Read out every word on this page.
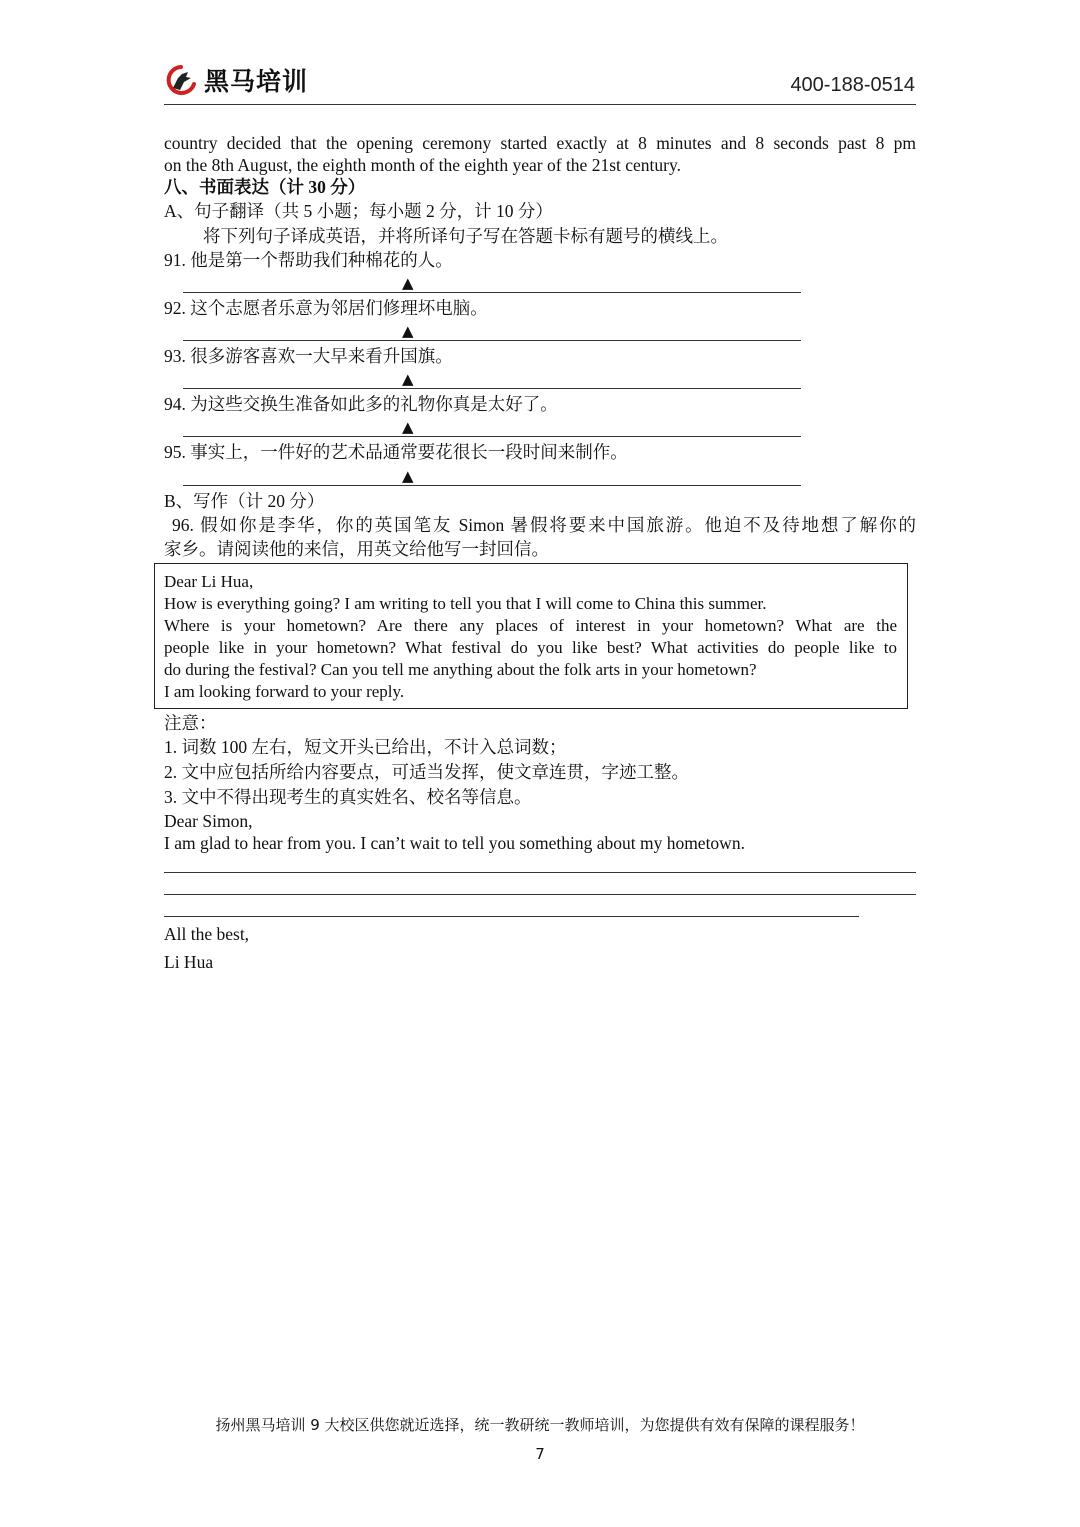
黑马培训	400-188-0514
country decided that the opening ceremony started exactly at 8 minutes and 8 seconds past 8 pm
on the 8th August, the eighth month of the eighth year of the 21st century.
八、书面表达（计 30 分）
A、句子翻译（共 5 小题；每小题 2 分，计 10 分）
将下列句子译成英语，并将所译句子写在答题卡标有题号的横线上。
91. 他是第一个帮助我们种棉花的人。
▲
92. 这个志愿者乐意为邻居们修理坏电脑。
▲
93. 很多游客喜欢一大早来看升国旗。
▲
94. 为这些交换生准备如此多的礼物你真是太好了。
▲
95. 事实上，一件好的艺术品通常要花很长一段时间来制作。
▲
B、写作（计 20 分）
96. 假如你是李华，你的英国笔友 Simon 暑假将要来中国旅游。他迫不及待地想了解你的
家乡。请阅读他的来信，用英文给他写一封回信。
Dear Li Hua,
How is everything going? I am writing to tell you that I will come to China this summer.
Where is your hometown? Are there any places of interest in your hometown? What are the
people like in your hometown? What festival do you like best? What activities do people like to
do during the festival? Can you tell me anything about the folk arts in your hometown?
I am looking forward to your reply.
注意：
1. 词数 100 左右，短文开头已给出，不计入总词数；
2. 文中应包括所给内容要点，可适当发挥，使文章连贯，字迹工整。
3. 文中不得出现考生的真实姓名、校名等信息。
Dear Simon,
I am glad to hear from you. I can’t wait to tell you something about my hometown.
All the best,
Li Hua
扬州黑马培训 9 大校区供您就近选择，统一教研统一教师培训，为您提供有效有保障的课程服务！
7
